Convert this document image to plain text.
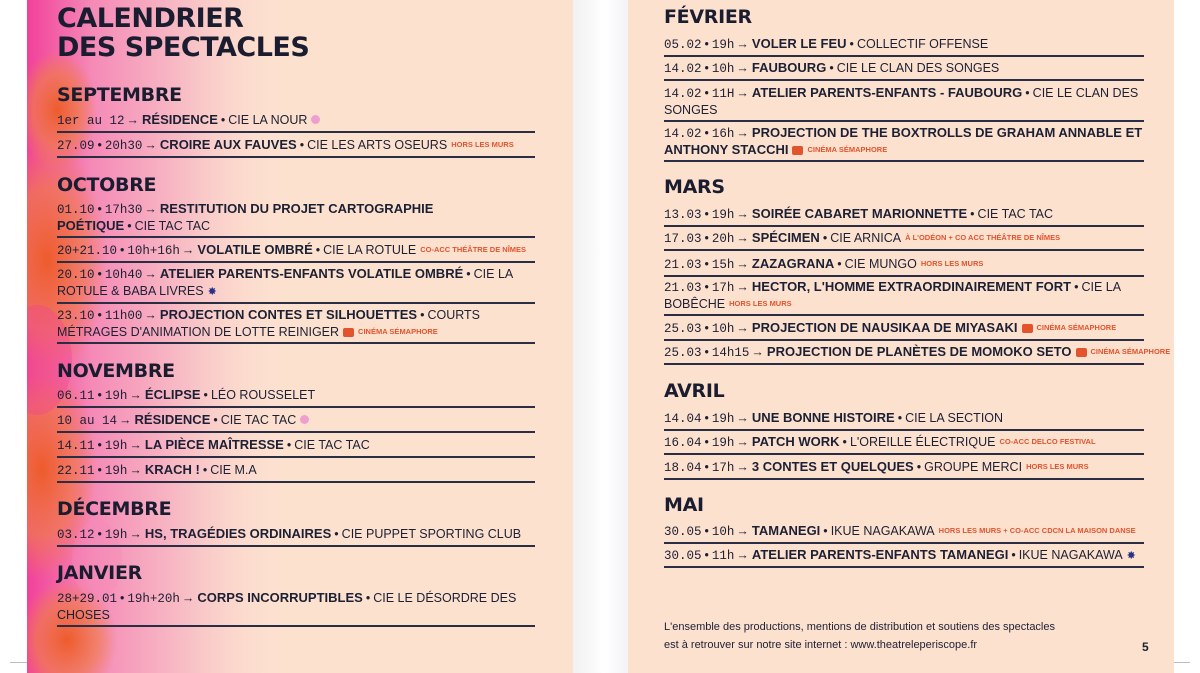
CALENDRIER
DES SPECTACLES
SEPTEMBRE
1er au 12 → RÉSIDENCE • CIE LA NOUR
27.09 • 20h30 → CROIRE AUX FAUVES • CIE LES ARTS OSEURS HORS LES MURS
OCTOBRE
01.10 • 17h30 → RESTITUTION DU PROJET CARTOGRAPHIE POÉTIQUE • CIE TAC TAC
20+21.10 • 10h+16h → VOLATILE OMBRÉ • CIE LA ROTULE CO-ACC THÉÂTRE DE NÎMES
20.10 • 10h40 → ATELIER PARENTS-ENFANTS VOLATILE OMBRÉ • CIE LA ROTULE & BABA LIVRES ✸
23.10 • 11h00 → PROJECTION CONTES ET SILHOUETTES • COURTS MÉTRAGES D'ANIMATION DE LOTTE REINIGER	CINÉMA SÉMAPHORE
NOVEMBRE
06.11 • 19h → ÉCLIPSE • LÉO ROUSSELET
10 au 14 → RÉSIDENCE • CIE TAC TAC
14.11 • 19h → LA PIÈCE MAÎTRESSE • CIE TAC TAC
22.11 • 19h → KRACH ! • CIE M.A
DÉCEMBRE
03.12 • 19h → HS, TRAGÉDIES ORDINAIRES • CIE PUPPET SPORTING CLUB
JANVIER
28+29.01 • 19h+20h → CORPS INCORRUPTIBLES • CIE LE DÉSORDRE DES CHOSES
L'ensemble des productions, mentions de distribution et soutiens des spectacles
est à retrouver sur notre site internet : www.theatreleperiscope.fr	5
FÉVRIER
05.02 • 19h → VOLER LE FEU • COLLECTIF OFFENSE
14.02 • 10h → FAUBOURG • CIE LE CLAN DES SONGES
14.02 • 11H → ATELIER PARENTS-ENFANTS - FAUBOURG • CIE LE CLAN DES SONGES
14.02 • 16h → PROJECTION DE THE BOXTROLLS DE GRAHAM ANNABLE ET ANTHONY STACCHI	CINÉMA SÉMAPHORE
MARS
13.03 • 19h → SOIRÉE CABARET MARIONNETTE • CIE TAC TAC
17.03 • 20h → SPÉCIMEN • CIE ARNICA À L'ODÉON + CO ACC THÉÂTRE DE NÎMES
21.03 • 15h → ZAZAGRANA • CIE MUNGO HORS LES MURS
21.03 • 17h → HECTOR, L'HOMME EXTRAORDINAIREMENT FORT • CIE LA BOBÊCHE HORS LES MURS
25.03 • 10h → PROJECTION DE NAUSIKAA DE MIYASAKI	CINÉMA SÉMAPHORE
25.03 • 14h15 → PROJECTION DE PLANÈTES DE MOMOKO SETO	CINÉMA SÉMAPHORE
AVRIL
14.04 • 19h → UNE BONNE HISTOIRE • CIE LA SECTION
16.04 • 19h → PATCH WORK • L'OREILLE ÉLECTRIQUE CO-ACC DELCO FESTIVAL
18.04 • 17h → 3 CONTES ET QUELQUES • GROUPE MERCI HORS LES MURS
MAI
30.05 • 10h → TAMANEGI • IKUE NAGAKAWA HORS LES MURS + CO-ACC CDCN LA MAISON DANSE
30.05 • 11h → ATELIER PARENTS-ENFANTS TAMANEGI • IKUE NAGAKAWA ✸
